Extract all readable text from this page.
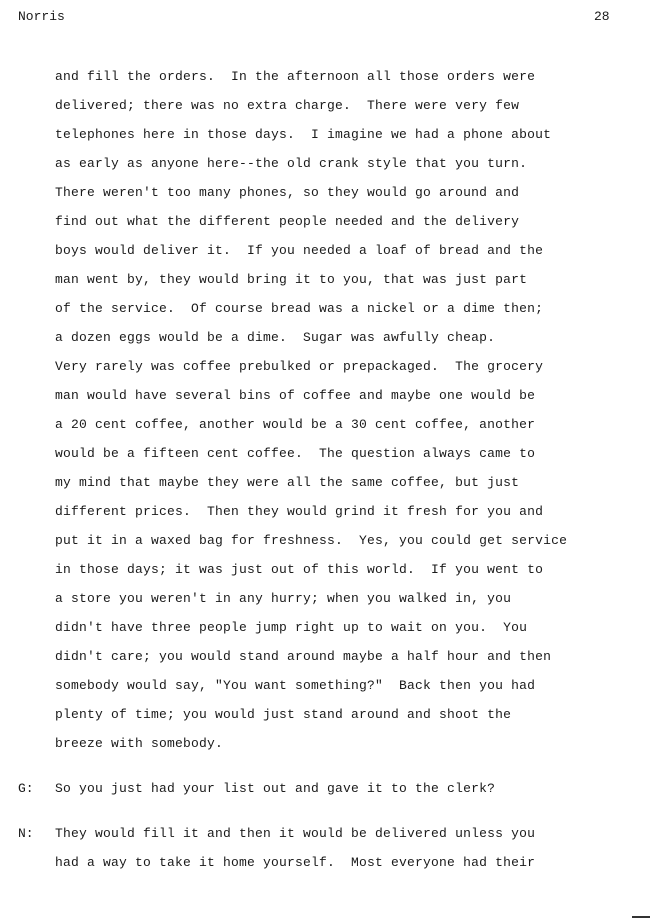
Norris	28
and fill the orders.  In the afternoon all those orders were
delivered; there was no extra charge.  There were very few
telephones here in those days.  I imagine we had a phone about
as early as anyone here--the old crank style that you turn.
There weren't too many phones, so they would go around and
find out what the different people needed and the delivery
boys would deliver it.  If you needed a loaf of bread and the
man went by, they would bring it to you, that was just part
of the service.  Of course bread was a nickel or a dime then;
a dozen eggs would be a dime.  Sugar was awfully cheap.
Very rarely was coffee prebulked or prepackaged.  The grocery
man would have several bins of coffee and maybe one would be
a 20 cent coffee, another would be a 30 cent coffee, another
would be a fifteen cent coffee.  The question always came to
my mind that maybe they were all the same coffee, but just
different prices.  Then they would grind it fresh for you and
put it in a waxed bag for freshness.  Yes, you could get service
in those days; it was just out of this world.  If you went to
a store you weren't in any hurry; when you walked in, you
didn't have three people jump right up to wait on you.  You
didn't care; you would stand around maybe a half hour and then
somebody would say, "You want something?"  Back then you had
plenty of time; you would just stand around and shoot the
breeze with somebody.
G: So you just had your list out and gave it to the clerk?
N: They would fill it and then it would be delivered unless you
had a way to take it home yourself.  Most everyone had their
